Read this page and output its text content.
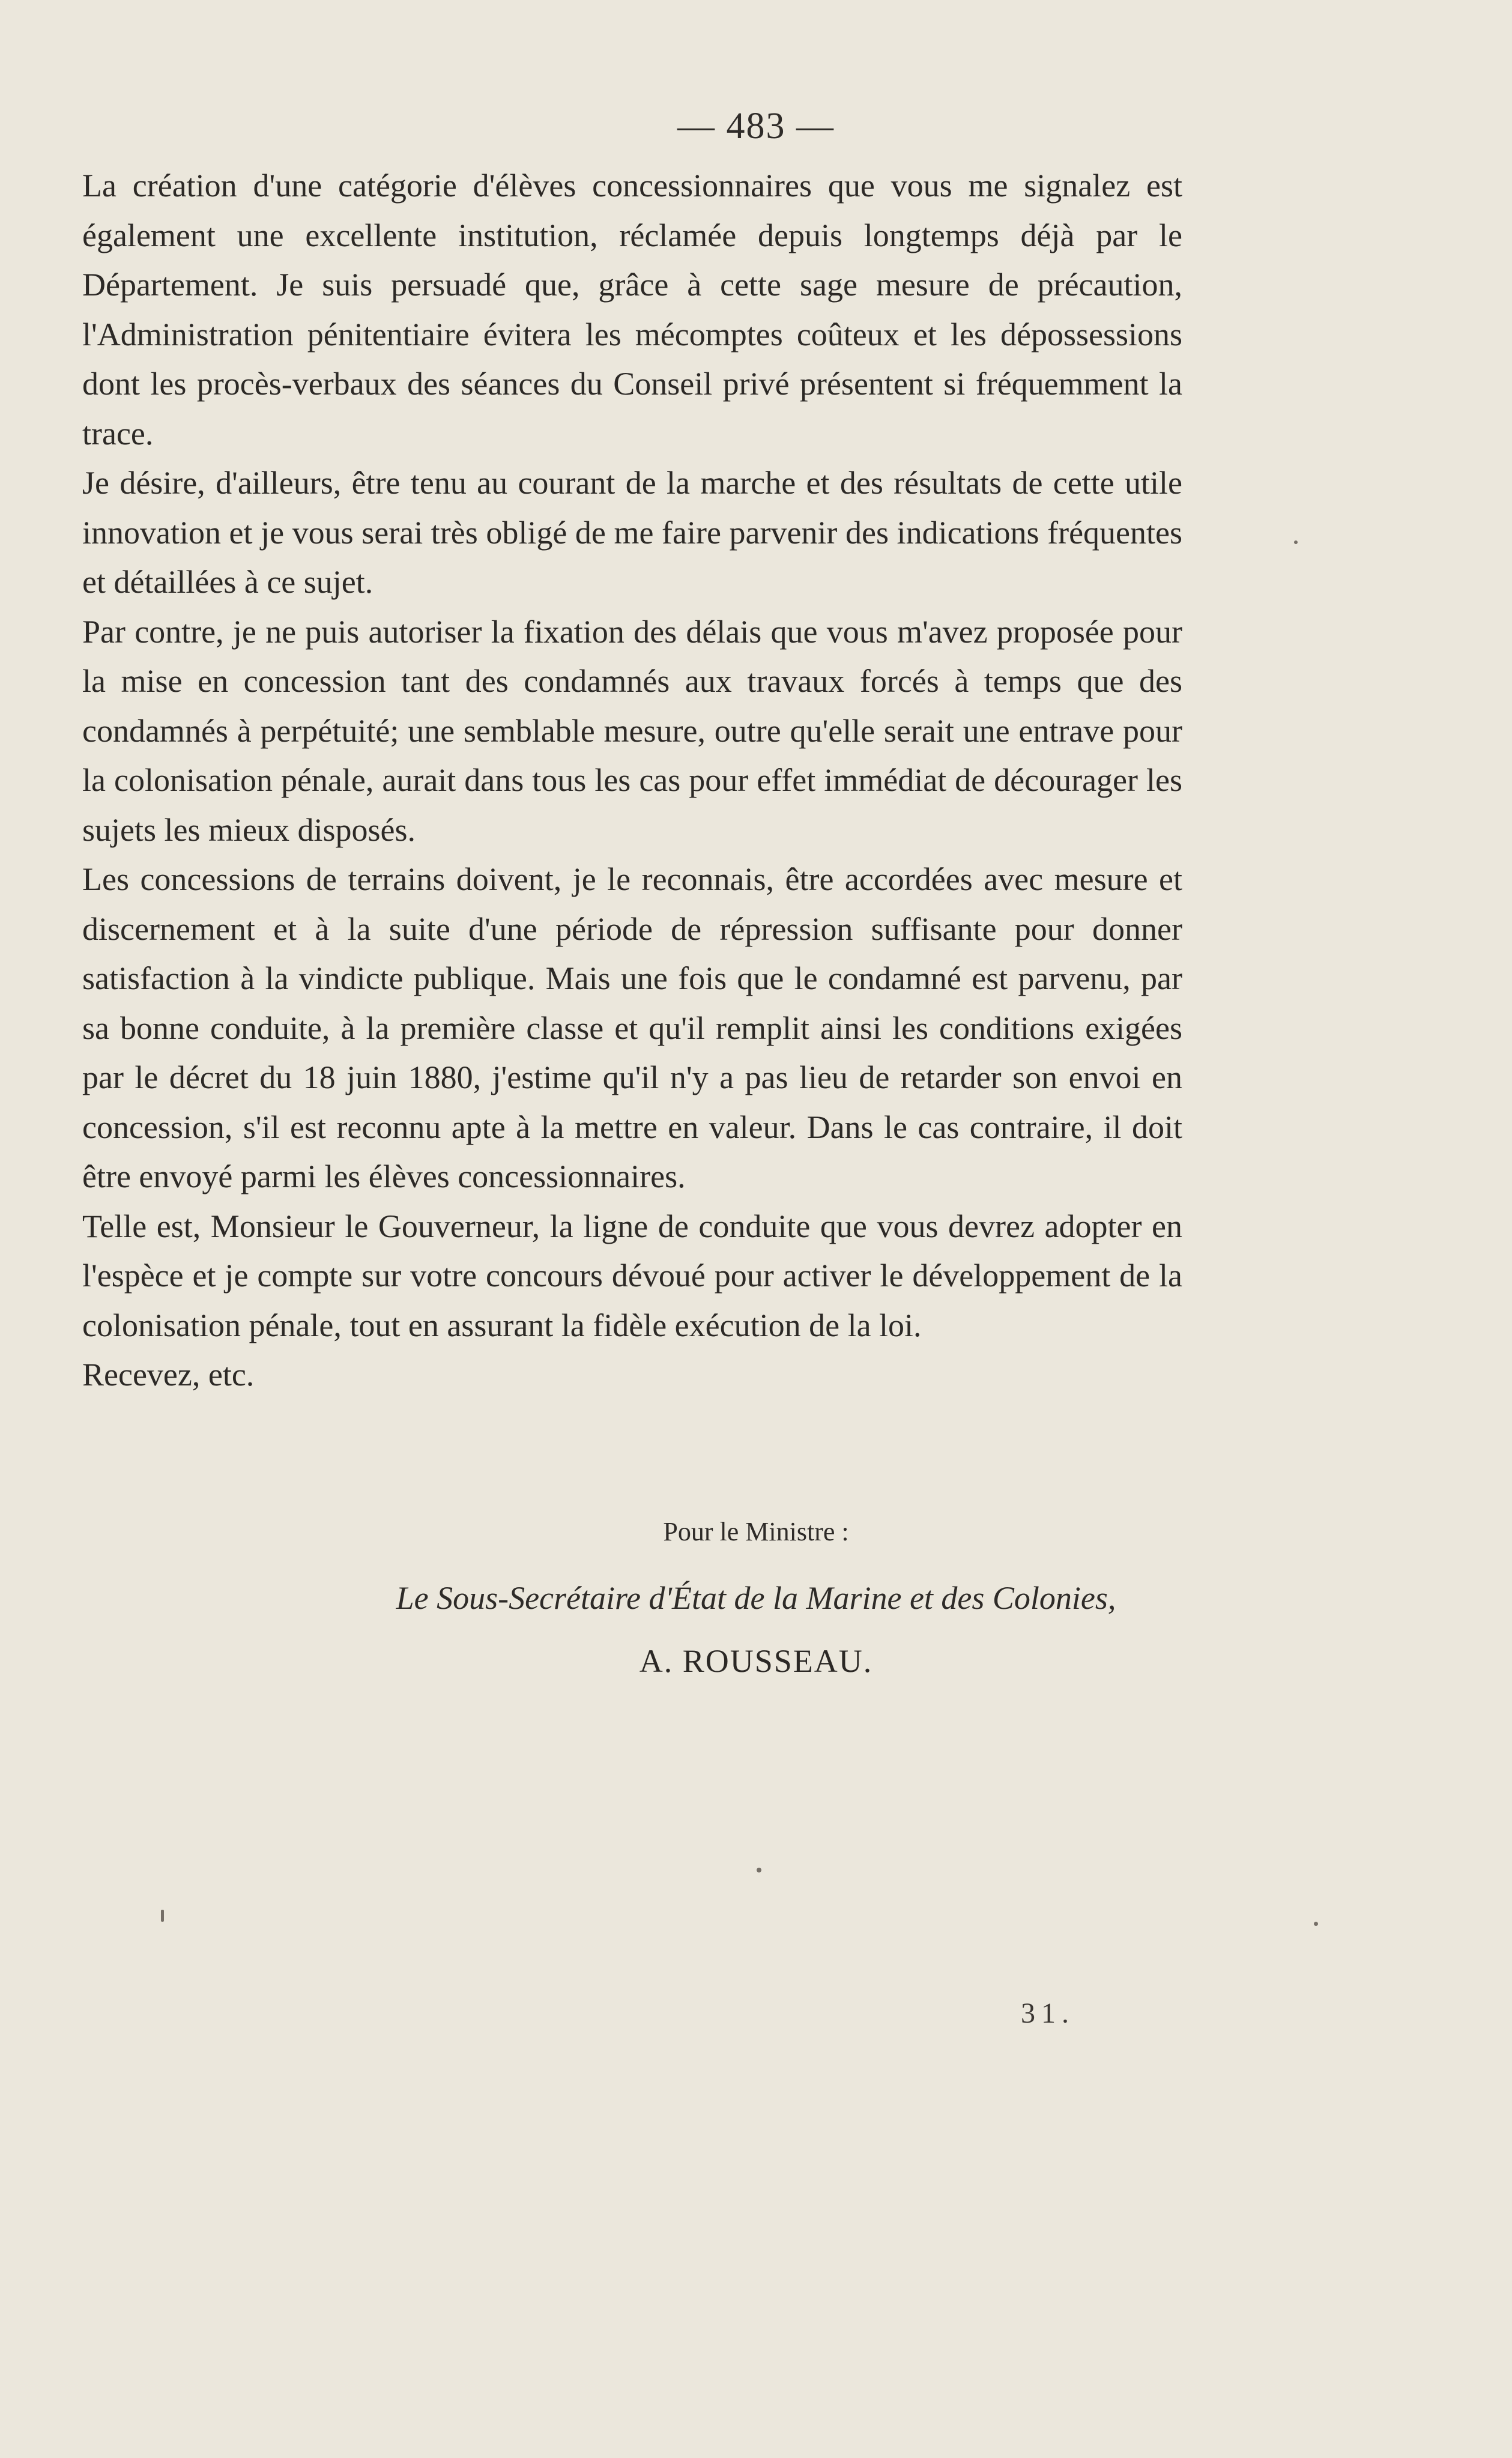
— 483 —

La création d'une catégorie d'élèves concessionnaires que vous me signalez est également une excellente institution, réclamée depuis longtemps déjà par le Département. Je suis persuadé que, grâce à cette sage mesure de précaution, l'Administration pénitentiaire évitera les mécomptes coûteux et les dépossessions dont les procès-verbaux des séances du Conseil privé présentent si fréquemment la trace.

Je désire, d'ailleurs, être tenu au courant de la marche et des résultats de cette utile innovation et je vous serai très obligé de me faire parvenir des indications fréquentes et détaillées à ce sujet.

Par contre, je ne puis autoriser la fixation des délais que vous m'avez proposée pour la mise en concession tant des condamnés aux travaux forcés à temps que des condamnés à perpétuité; une semblable mesure, outre qu'elle serait une entrave pour la colonisation pénale, aurait dans tous les cas pour effet immédiat de décourager les sujets les mieux disposés.

Les concessions de terrains doivent, je le reconnais, être accordées avec mesure et discernement et à la suite d'une période de répression suffisante pour donner satisfaction à la vindicte publique. Mais une fois que le condamné est parvenu, par sa bonne conduite, à la première classe et qu'il remplit ainsi les conditions exigées par le décret du 18 juin 1880, j'estime qu'il n'y a pas lieu de retarder son envoi en concession, s'il est reconnu apte à la mettre en valeur. Dans le cas contraire, il doit être envoyé parmi les élèves concessionnaires.

Telle est, Monsieur le Gouverneur, la ligne de conduite que vous devrez adopter en l'espèce et je compte sur votre concours dévoué pour activer le développement de la colonisation pénale, tout en assurant la fidèle exécution de la loi.

Recevez, etc.

Pour le Ministre :
Le Sous-Secrétaire d'État de la Marine et des Colonies,
A. ROUSSEAU.
31.
